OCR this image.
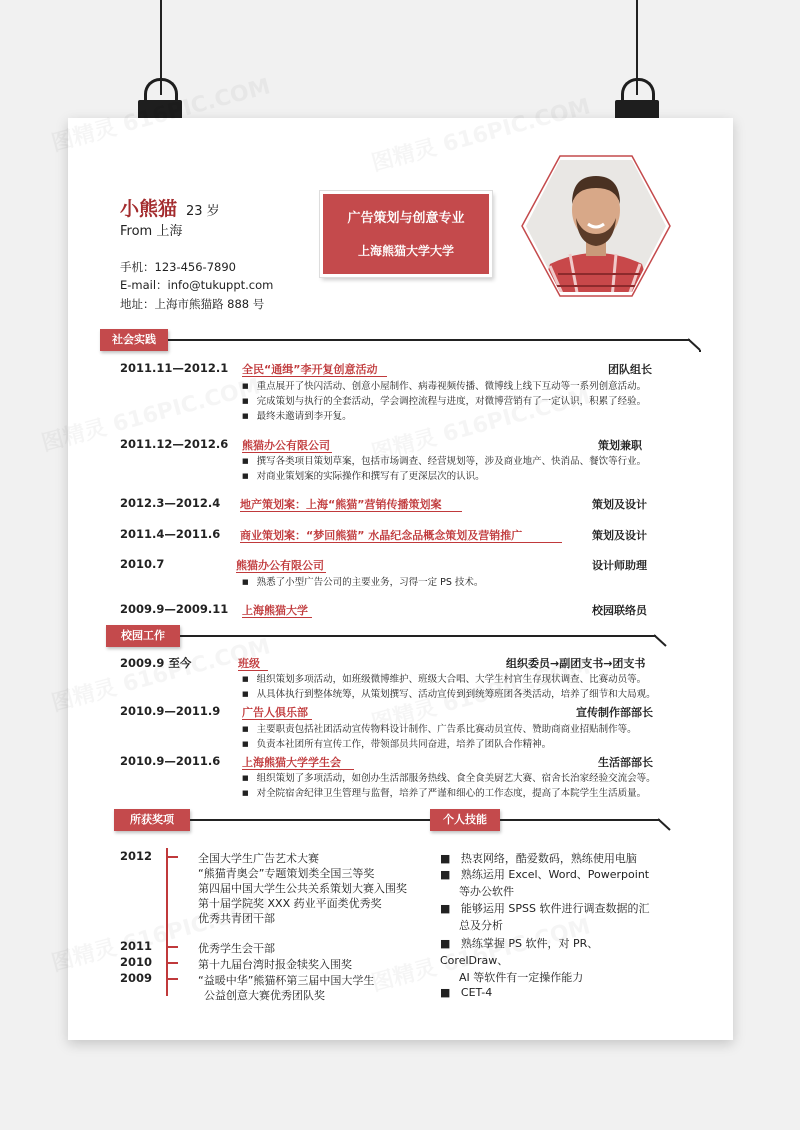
小熊猫 23 岁
From 上海
手机：123-456-7890
E-mail：info@tukuppt.com
地址：上海市熊猫路 888 号
广告策划与创意专业
上海熊猫大学大学
社会实践
2011.11—2012.1 全民“通缉”李开复创意活动	团队组长
■ 重点展开了快闪活动、创意小屋制作、病毒视频传播、微博线上线下互动等一系列创意活动。
■ 完成策划与执行的全套活动，学会调控流程与进度，对微博营销有了一定认识，积累了经验。
■ 最终未邀请到李开复。
2011.12—2012.6 熊猫办公有限公司	策划兼职
■ 撰写各类项目策划草案，包括市场调查、经营规划等，涉及商业地产、快消品、餐饮等行业。
■ 对商业策划案的实际操作和撰写有了更深层次的认识。
2012.3—2012.4 地产策划案：上海“熊猫”营销传播策划案	策划及设计
2011.4—2011.6 商业策划案：“梦回熊猫” 水晶纪念品概念策划及营销推广	策划及设计
2010.7	熊猫办公有限公司	设计师助理
■ 熟悉了小型广告公司的主要业务，习得一定 PS 技术。
2009.9—2009.11 上海熊猫大学	校园联络员
校园工作
2009.9 至今	班级	组织委员→副团支书→团支书
■ 组织策划多项活动，如班级微博维护、班级大合唱、大学生村官生存现状调查、比赛动员等。
■ 从具体执行到整体统筹，从策划撰写、活动宣传到到统筹班团各类活动，培养了细节和大局观。
2010.9—2011.9 广告人俱乐部	宣传制作部部长
■ 主要职责包括社团活动宣传物料设计制作、广告系比赛动员宣传、赞助商商业招贴制作等。
■ 负责本社团所有宣传工作，带领部员共同奋进，培养了团队合作精神。
2010.9—2011.6 上海熊猫大学学生会	生活部部长
■ 组织策划了多项活动，如创办生活部服务热线、食全食美厨艺大赛、宿舍长治家经验交流会等。
■ 对全院宿舍纪律卫生管理与监督，培养了严谨和细心的工作态度，提高了本院学生生活质量。
所获奖项	个人技能
2012	全国大学生广告艺术大赛
“熊猫青奥会”专题策划类全国三等奖
第四届中国大学生公共关系策划大赛入围奖
第十届学院奖 XXX 药业平面类优秀奖
优秀共青团干部
2011	优秀学生会干部
2010	第十九届台湾时报金犊奖入围奖
2009	“益暖中华”熊猫杯第三届中国大学生
公益创意大赛优秀团队奖
■   热衷网络，酷爱数码，熟练使用电脑
■   熟练运用 Excel、Word、Powerpoint
等办公软件
■   能够运用 SPSS 软件进行调查数据的汇
总及分析
■   熟练掌握 PS 软件，对 PR、
CorelDraw、
AI 等软件有一定操作能力
■   CET-4
